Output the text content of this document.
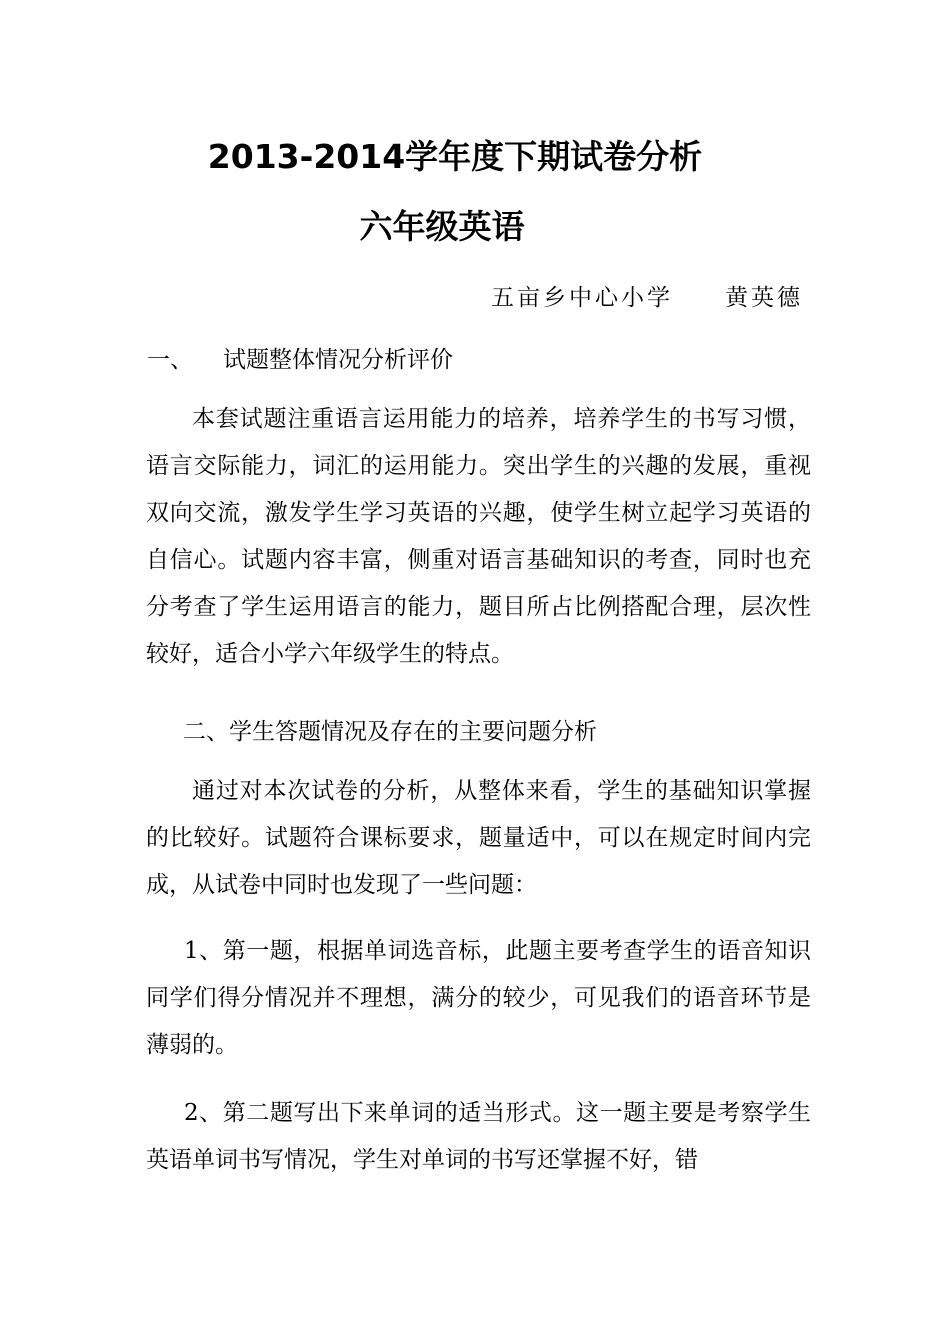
2013-2014学年度下期试卷分析
六年级英语
五亩乡中心小学 黄英德
一、 试题整体情况分析评价

本套试题注重语言运用能力的培养，培养学生的书写习惯，语言交际能力，词汇的运用能力。突出学生的兴趣的发展，重视双向交流，激发学生学习英语的兴趣，使学生树立起学习英语的自信心。试题内容丰富，侧重对语言基础知识的考查，同时也充分考查了学生运用语言的能力，题目所占比例搭配合理，层次性较好，适合小学六年级学生的特点。

二、学生答题情况及存在的主要问题分析

通过对本次试卷的分析，从整体来看，学生的基础知识掌握的比较好。试题符合课标要求，题量适中，可以在规定时间内完成，从试卷中同时也发现了一些问题：

1、第一题，根据单词选音标，此题主要考查学生的语音知识同学们得分情况并不理想，满分的较少，可见我们的语音环节是薄弱的。

2、第二题写出下来单词的适当形式。这一题主要是考察学生英语单词书写情况，学生对单词的书写还掌握不好，错
